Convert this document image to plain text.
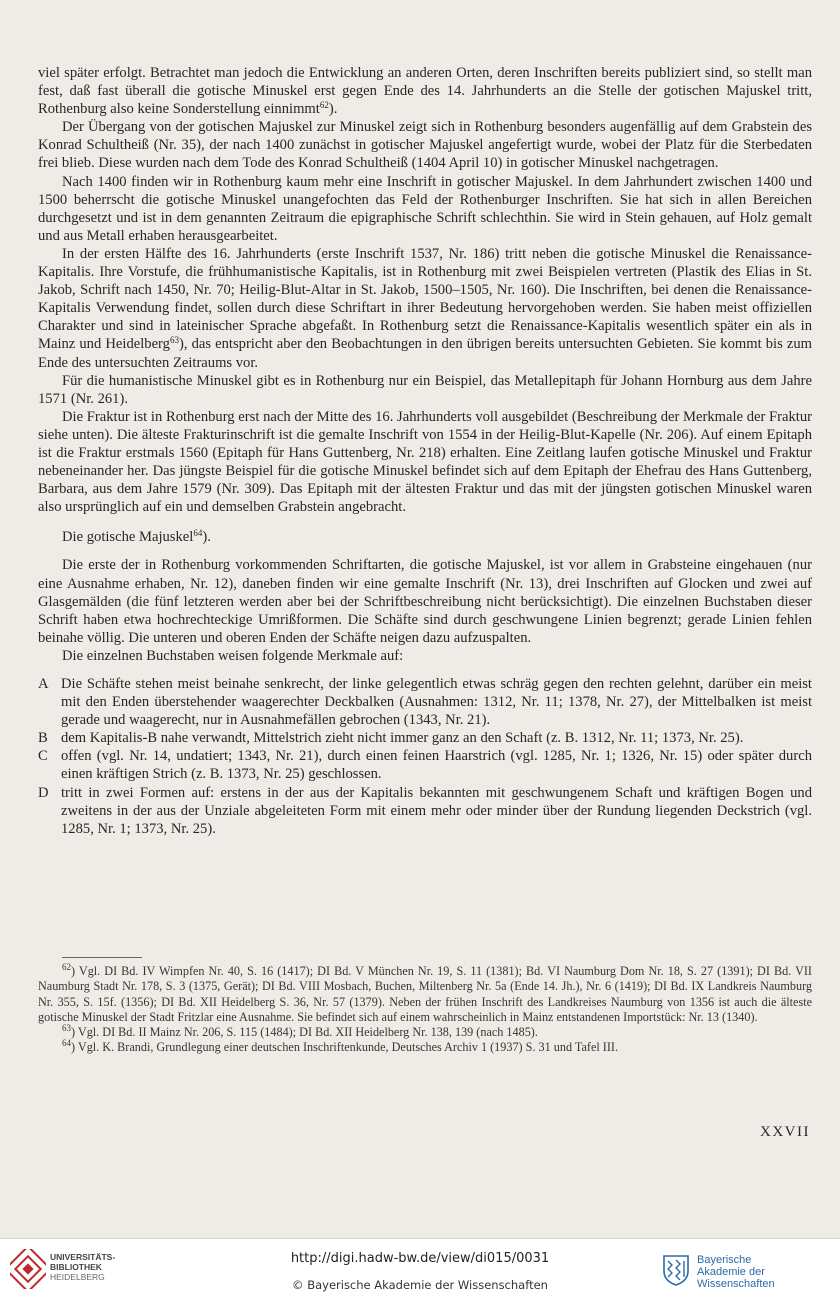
viel später erfolgt. Betrachtet man jedoch die Entwicklung an anderen Orten, deren Inschriften bereits publiziert sind, so stellt man fest, daß fast überall die gotische Minuskel erst gegen Ende des 14. Jahrhunderts an die Stelle der gotischen Majuskel tritt, Rothenburg also keine Sonderstellung einnimmt$^{62}$).

Der Übergang von der gotischen Majuskel zur Minuskel zeigt sich in Rothenburg besonders augenfällig auf dem Grabstein des Konrad Schultheiß (Nr. 35), der nach 1400 zunächst in gotischer Majuskel angefertigt wurde, wobei der Platz für die Sterbedaten frei blieb. Diese wurden nach dem Tode des Konrad Schultheiß (1404 April 10) in gotischer Minuskel nachgetragen.

Nach 1400 finden wir in Rothenburg kaum mehr eine Inschrift in gotischer Majuskel. In dem Jahrhundert zwischen 1400 und 1500 beherrscht die gotische Minuskel unangefochten das Feld der Rothenburger Inschriften. Sie hat sich in allen Bereichen durchgesetzt und ist in dem genannten Zeitraum die epigraphische Schrift schlechthin. Sie wird in Stein gehauen, auf Holz gemalt und aus Metall erhaben herausgearbeitet.

In der ersten Hälfte des 16. Jahrhunderts (erste Inschrift 1537, Nr. 186) tritt neben die gotische Minuskel die Renaissance-Kapitalis. Ihre Vorstufe, die frühhumanistische Kapitalis, ist in Rothenburg mit zwei Beispielen vertreten (Plastik des Elias in St. Jakob, Schrift nach 1450, Nr. 70; Heilig-Blut-Altar in St. Jakob, 1500–1505, Nr. 160). Die Inschriften, bei denen die Renaissance-Kapitalis Verwendung findet, sollen durch diese Schriftart in ihrer Bedeutung hervorgehoben werden. Sie haben meist offiziellen Charakter und sind in lateinischer Sprache abgefaßt. In Rothenburg setzt die Renaissance-Kapitalis wesentlich später ein als in Mainz und Heidelberg$^{63}$), das entspricht aber den Beobachtungen in den übrigen bereits untersuchten Gebieten. Sie kommt bis zum Ende des untersuchten Zeitraums vor.

Für die humanistische Minuskel gibt es in Rothenburg nur ein Beispiel, das Metallepitaph für Johann Hornburg aus dem Jahre 1571 (Nr. 261).

Die Fraktur ist in Rothenburg erst nach der Mitte des 16. Jahrhunderts voll ausgebildet (Beschreibung der Merkmale der Fraktur siehe unten). Die älteste Frakturinschrift ist die gemalte Inschrift von 1554 in der Heilig-Blut-Kapelle (Nr. 206). Auf einem Epitaph ist die Fraktur erstmals 1560 (Epitaph für Hans Guttenberg, Nr. 218) erhalten. Eine Zeitlang laufen gotische Minuskel und Fraktur nebeneinander her. Das jüngste Beispiel für die gotische Minuskel befindet sich auf dem Epitaph der Ehefrau des Hans Guttenberg, Barbara, aus dem Jahre 1579 (Nr. 309). Das Epitaph mit der ältesten Fraktur und das mit der jüngsten gotischen Minuskel waren also ursprünglich auf ein und demselben Grabstein angebracht.

Die gotische Majuskel$^{64}$).

Die erste der in Rothenburg vorkommenden Schriftarten, die gotische Majuskel, ist vor allem in Grabsteine eingehauen (nur eine Ausnahme erhaben, Nr. 12), daneben finden wir eine gemalte Inschrift (Nr. 13), drei Inschriften auf Glocken und zwei auf Glasgemälden (die fünf letzteren werden aber bei der Schriftbeschreibung nicht berücksichtigt). Die einzelnen Buchstaben dieser Schrift haben etwa hochrechteckige Umrißformen. Die Schäfte sind durch geschwungene Linien begrenzt; gerade Linien fehlen beinahe völlig. Die unteren und oberen Enden der Schäfte neigen dazu aufzuspalten.

Die einzelnen Buchstaben weisen folgende Merkmale auf:

A Die Schäfte stehen meist beinahe senkrecht, der linke gelegentlich etwas schräg gegen den rechten gelehnt, darüber ein meist mit den Enden überstehender waagerechter Deckbalken (Ausnahmen: 1312, Nr. 11; 1378, Nr. 27), der Mittelbalken ist meist gerade und waagerecht, nur in Ausnahmefällen gebrochen (1343, Nr. 21).
B dem Kapitalis-B nahe verwandt, Mittelstrich zieht nicht immer ganz an den Schaft (z. B. 1312, Nr. 11; 1373, Nr. 25).
C offen (vgl. Nr. 14, undatiert; 1343, Nr. 21), durch einen feinen Haarstrich (vgl. 1285, Nr. 1; 1326, Nr. 15) oder später durch einen kräftigen Strich (z. B. 1373, Nr. 25) geschlossen.
D tritt in zwei Formen auf: erstens in der aus der Kapitalis bekannten mit geschwungenem Schaft und kräftigen Bogen und zweitens in der aus der Unziale abgeleiteten Form mit einem mehr oder minder über der Rundung liegenden Deckstrich (vgl. 1285, Nr. 1; 1373, Nr. 25).

$^{62}$) Vgl. DI Bd. IV Wimpfen Nr. 40, S. 16 (1417); DI Bd. V München Nr. 19, S. 11 (1381); Bd. VI Naumburg Dom Nr. 18, S. 27 (1391); DI Bd. VII Naumburg Stadt Nr. 178, S. 3 (1375, Gerät); DI Bd. VIII Mosbach, Buchen, Miltenberg Nr. 5a (Ende 14. Jh.), Nr. 6 (1419); DI Bd. IX Landkreis Naumburg Nr. 355, S. 15f. (1356); DI Bd. XII Heidelberg S. 36, Nr. 57 (1379). Neben der frühen Inschrift des Landkreises Naumburg von 1356 ist auch die älteste gotische Minuskel der Stadt Fritzlar eine Ausnahme. Sie befindet sich auf einem wahrscheinlich in Mainz entstandenen Importstück: Nr. 13 (1340).

$^{63}$) Vgl. DI Bd. II Mainz Nr. 206, S. 115 (1484); DI Bd. XII Heidelberg Nr. 138, 139 (nach 1485).

$^{64}$) Vgl. K. Brandi, Grundlegung einer deutschen Inschriftenkunde, Deutsches Archiv 1 (1937) S. 31 und Tafel III.

XXVII
UNIVERSITÄTS-
BIBLIOTHEK
HEIDELBERG
http://digi.hadw-bw.de/view/di015/0031
© Bayerische Akademie der Wissenschaften
Bayerische
Akademie der Wissenschaften
